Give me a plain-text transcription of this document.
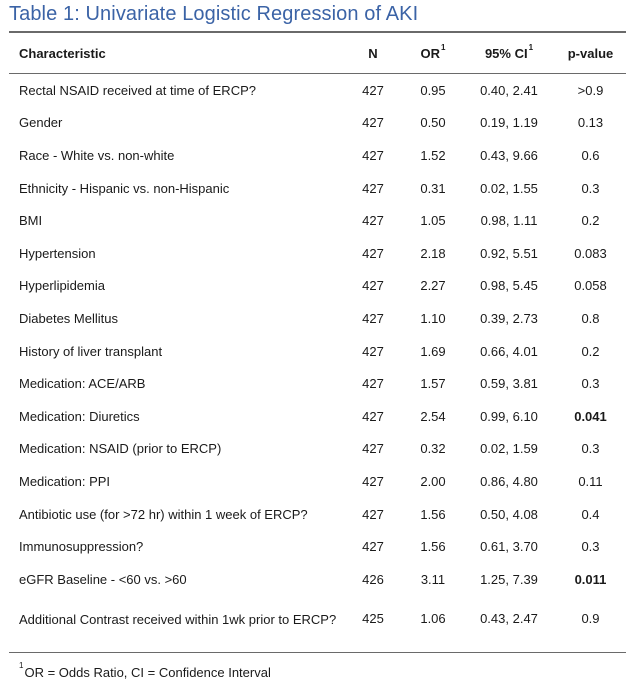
Table 1: Univariate Logistic Regression of AKI
Characteristic	N	$OR^1$	95% $CI^1$	p-value
Rectal NSAID received at time of ERCP?	427	0.95	0.40, 2.41	>0.9
Gender	427	0.50	0.19, 1.19	0.13
Race - White vs. non-white	427	1.52	0.43, 9.66	0.6
Ethnicity - Hispanic vs. non-Hispanic	427	0.31	0.02, 1.55	0.3
BMI	427	1.05	0.98, 1.11	0.2
Hypertension	427	2.18	0.92, 5.51	0.083
Hyperlipidemia	427	2.27	0.98, 5.45	0.058
Diabetes Mellitus	427	1.10	0.39, 2.73	0.8
History of liver transplant	427	1.69	0.66, 4.01	0.2
Medication: ACE/ARB	427	1.57	0.59, 3.81	0.3
Medication: Diuretics	427	2.54	0.99, 6.10	0.041
Medication: NSAID (prior to ERCP)	427	0.32	0.02, 1.59	0.3
Medication: PPI	427	2.00	0.86, 4.80	0.11
Antibiotic use (for >72 hr) within 1 week of ERCP?	427	1.56	0.50, 4.08	0.4
Immunosuppression?	427	1.56	0.61, 3.70	0.3
eGFR Baseline - <60 vs. >60	426	3.11	1.25, 7.39	0.011
Additional Contrast received within 1wk prior to ERCP?	425	1.06	0.43, 2.47	0.9
$^1$OR = Odds Ratio, CI = Confidence Interval
